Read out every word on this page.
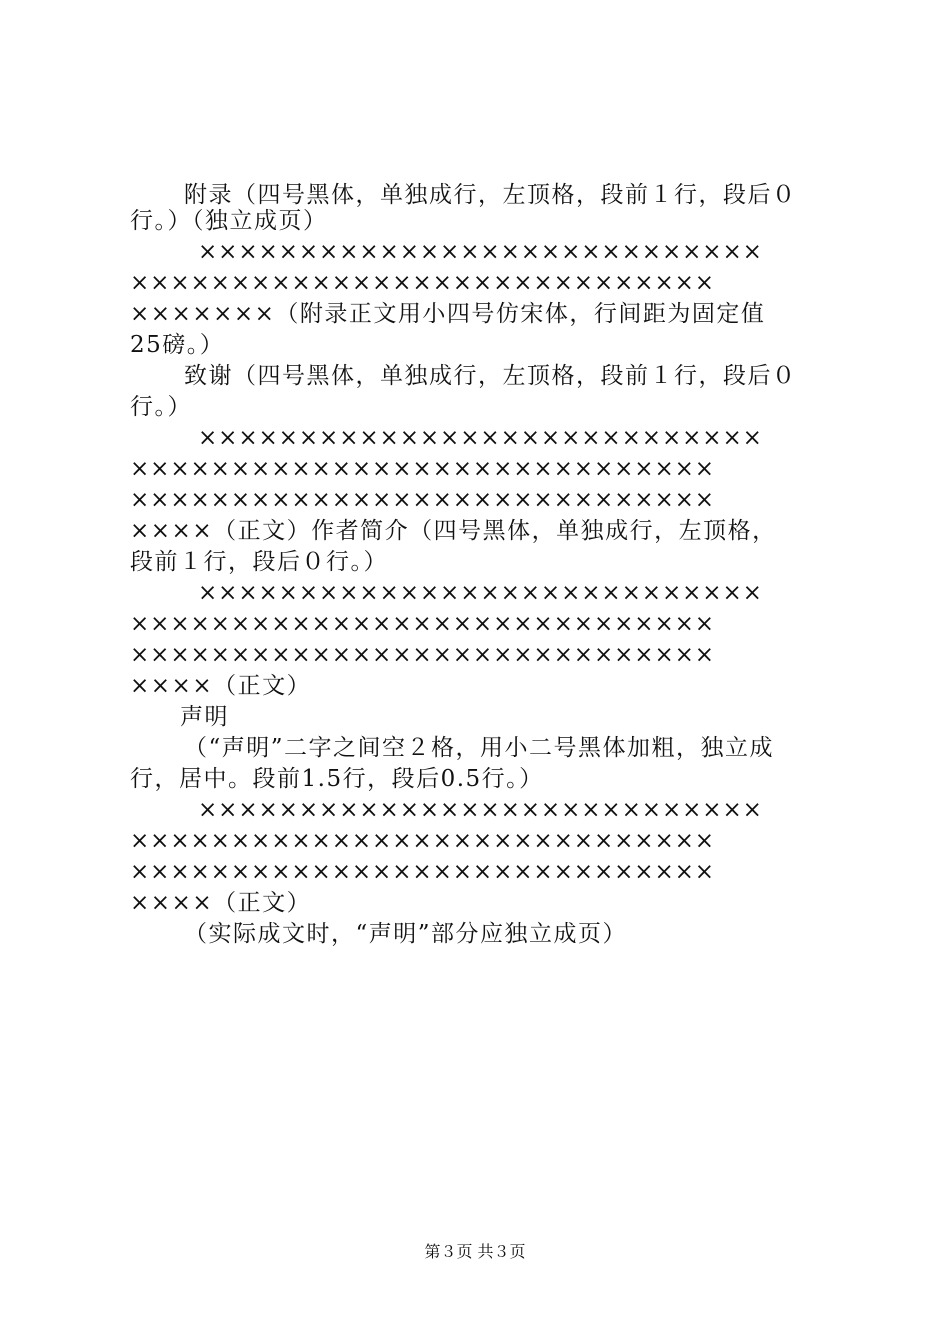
附录（四号黑体，单独成行，左顶格，段前１行，段后０
行。）（独立成页）
××××××××××××××××××××××××××××
×××××××××××××××××××××××××××××
×××××××（附录正文用小四号仿宋体，行间距为固定值
25磅。）
致谢（四号黑体，单独成行，左顶格，段前１行，段后０
行。）
××××××××××××××××××××××××××××
×××××××××××××××××××××××××××××
×××××××××××××××××××××××××××××
××××（正文）作者简介（四号黑体，单独成行，左顶格，
段前１行，段后０行。）
××××××××××××××××××××××××××××
×××××××××××××××××××××××××××××
×××××××××××××××××××××××××××××
××××（正文）
声明
（“声明”二字之间空２格，用小二号黑体加粗，独立成
行，居中。段前1.5行，段后0.5行。）
××××××××××××××××××××××××××××
×××××××××××××××××××××××××××××
×××××××××××××××××××××××××××××
××××（正文）
（实际成文时，“声明”部分应独立成页）
第３页 共３页
